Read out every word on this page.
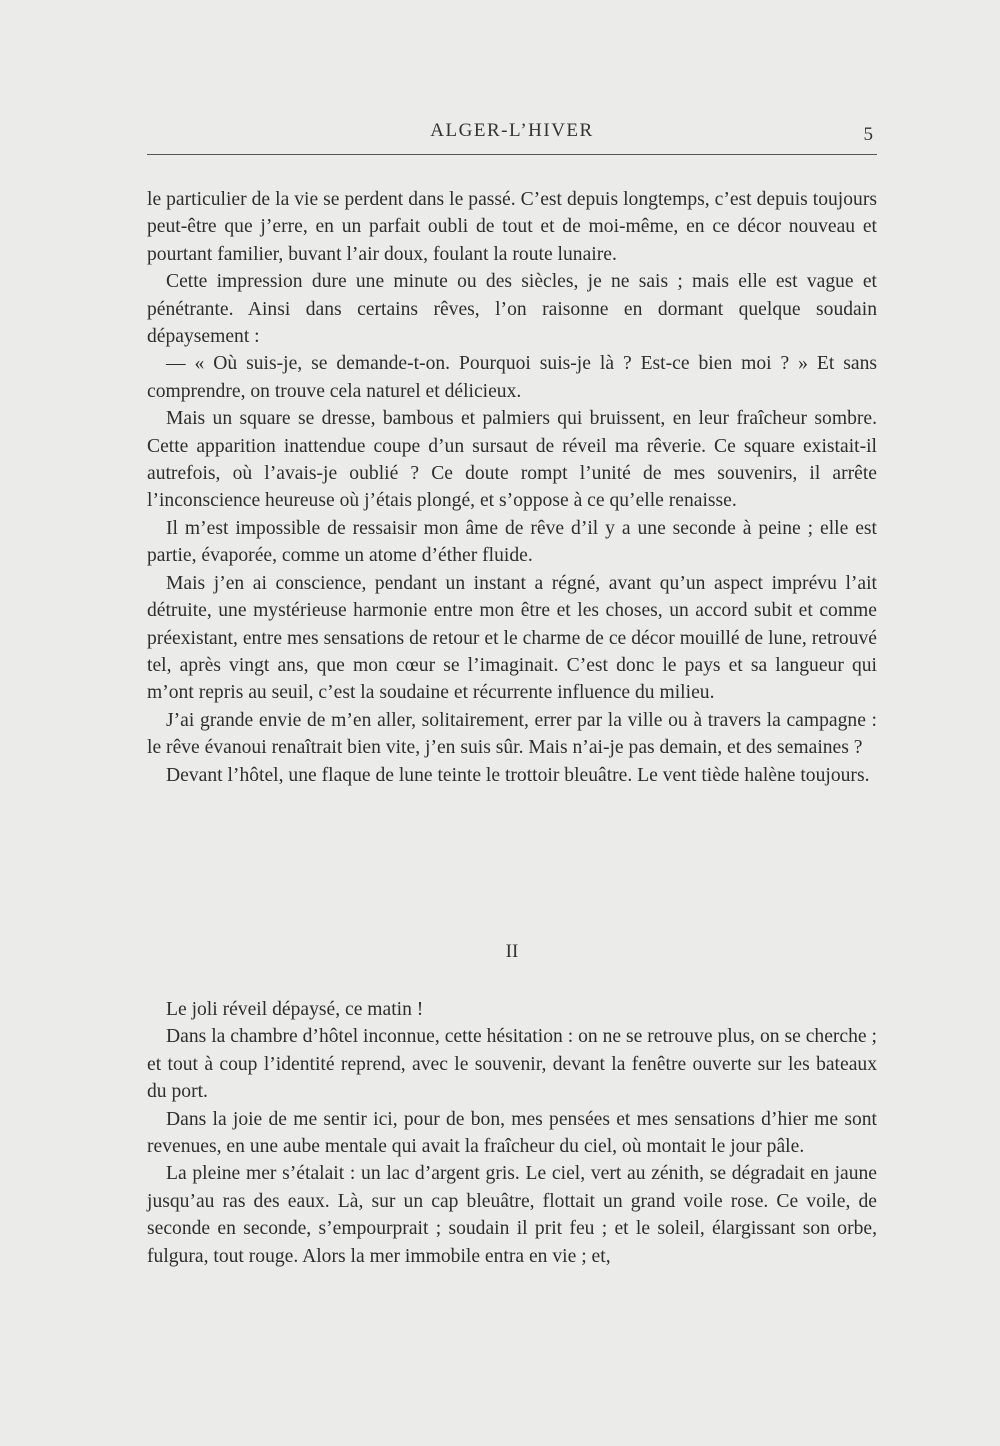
ALGER-L’HIVER	5

le particulier de la vie se perdent dans le passé. C’est depuis longtemps, c’est depuis toujours peut-être que j’erre, en un parfait oubli de tout et de moi-même, en ce décor nouveau et pourtant familier, buvant l’air doux, foulant la route lunaire.

Cette impression dure une minute ou des siècles, je ne sais ; mais elle est vague et pénétrante. Ainsi dans certains rêves, l’on raisonne en dormant quelque soudain dépaysement :

— « Où suis-je, se demande-t-on. Pourquoi suis-je là ? Est-ce bien moi ? » Et sans comprendre, on trouve cela naturel et délicieux.

Mais un square se dresse, bambous et palmiers qui bruissent, en leur fraîcheur sombre. Cette apparition inattendue coupe d’un sursaut de réveil ma rêverie. Ce square existait-il autrefois, où l’avais-je oublié ? Ce doute rompt l’unité de mes souvenirs, il arrête l’inconscience heureuse où j’étais plongé, et s’oppose à ce qu’elle renaisse.

Il m’est impossible de ressaisir mon âme de rêve d’il y a une seconde à peine ; elle est partie, évaporée, comme un atome d’éther fluide.

Mais j’en ai conscience, pendant un instant a régné, avant qu’un aspect imprévu l’ait détruite, une mystérieuse harmonie entre mon être et les choses, un accord subit et comme préexistant, entre mes sensations de retour et le charme de ce décor mouillé de lune, retrouvé tel, après vingt ans, que mon cœur se l’imaginait. C’est donc le pays et sa langueur qui m’ont repris au seuil, c’est la soudaine et récurrente influence du milieu.

J’ai grande envie de m’en aller, solitairement, errer par la ville ou à travers la campagne : le rêve évanoui renaîtrait bien vite, j’en suis sûr. Mais n’ai-je pas demain, et des semaines ?

Devant l’hôtel, une flaque de lune teinte le trottoir bleuâtre. Le vent tiède halène toujours.

II

Le joli réveil dépaysé, ce matin !

Dans la chambre d’hôtel inconnue, cette hésitation : on ne se retrouve plus, on se cherche ; et tout à coup l’identité reprend, avec le souvenir, devant la fenêtre ouverte sur les bateaux du port.

Dans la joie de me sentir ici, pour de bon, mes pensées et mes sensations d’hier me sont revenues, en une aube mentale qui avait la fraîcheur du ciel, où montait le jour pâle.

La pleine mer s’étalait : un lac d’argent gris. Le ciel, vert au zénith, se dégradait en jaune jusqu’au ras des eaux. Là, sur un cap bleuâtre, flottait un grand voile rose. Ce voile, de seconde en seconde, s’empourprait ; soudain il prit feu ; et le soleil, élargissant son orbe, fulgura, tout rouge. Alors la mer immobile entra en vie ; et,
